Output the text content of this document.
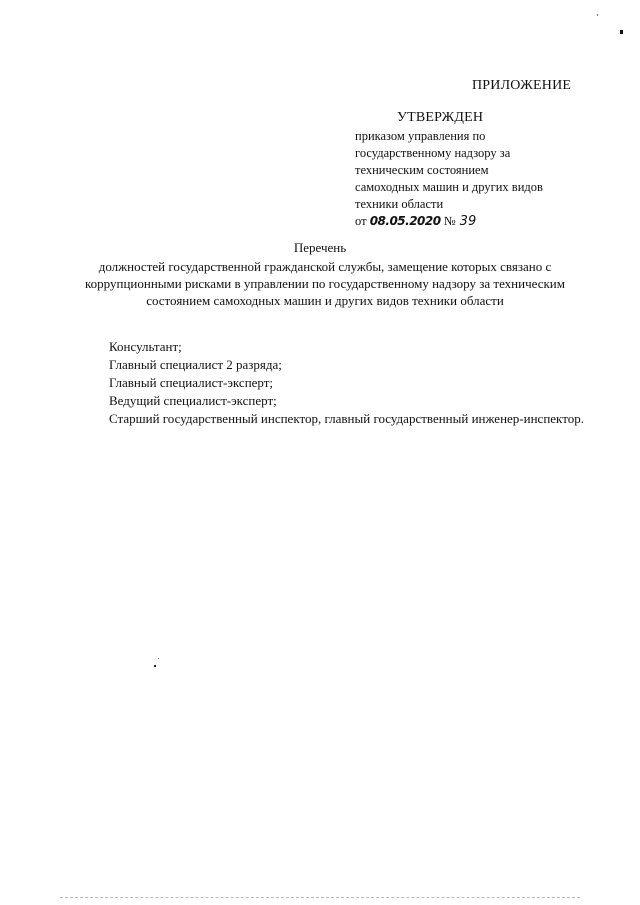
ПРИЛОЖЕНИЕ
УТВЕРЖДЕН
приказом управления по
государственному надзору за
техническим состоянием
самоходных машин и других видов
техники области
от 08.05.2020 № 39
Перечень
должностей государственной гражданской службы, замещение которых связано с коррупционными рисками в управлении по государственному надзору за техническим состоянием самоходных машин и других видов техники области
Консультант;
Главный специалист 2 разряда;
Главный специалист-эксперт;
Ведущий специалист-эксперт;
Старший государственный инспектор, главный государственный инженер-инспектор.
